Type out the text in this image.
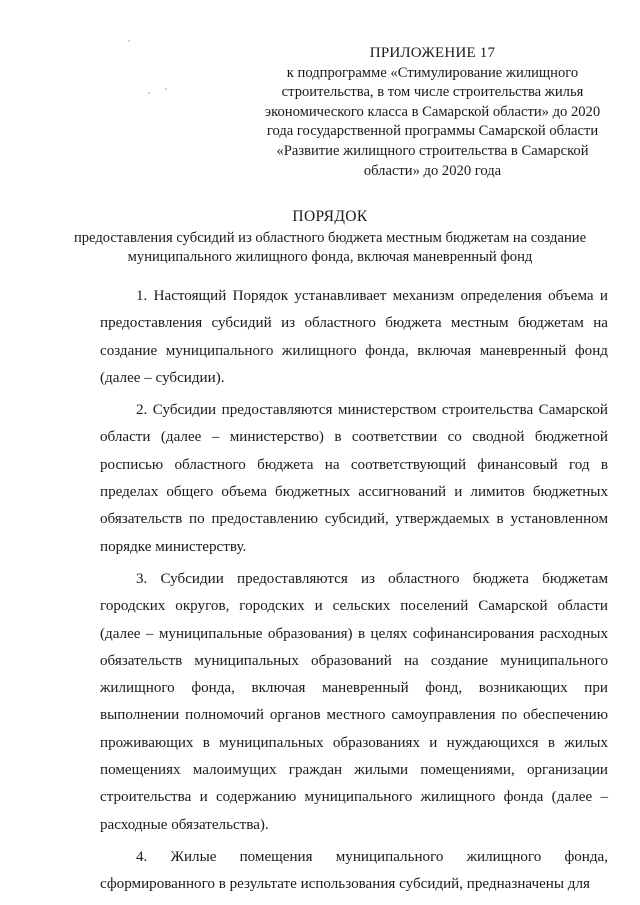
ПРИЛОЖЕНИЕ 17
к подпрограмме «Стимулирование жилищного строительства, в том числе строительства жилья экономического класса в Самарской области» до 2020 года государственной программы Самарской области «Развитие жилищного строительства в Самарской области» до 2020 года
ПОРЯДОК
предоставления субсидий из областного бюджета местным бюджетам на создание муниципального жилищного фонда, включая маневренный фонд

1. Настоящий Порядок устанавливает механизм определения объема и предоставления субсидий из областного бюджета местным бюджетам на создание муниципального жилищного фонда, включая маневренный фонд (далее – субсидии).

2. Субсидии предоставляются министерством строительства Самарской области (далее – министерство) в соответствии со сводной бюджетной росписью областного бюджета на соответствующий финансовый год в пределах общего объема бюджетных ассигнований и лимитов бюджетных обязательств по предоставлению субсидий, утверждаемых в установленном порядке министерству.

3. Субсидии предоставляются из областного бюджета бюджетам городских округов, городских и сельских поселений Самарской области (далее – муниципальные образования) в целях софинансирования расходных обязательств муниципальных образований на создание муниципального жилищного фонда, включая маневренный фонд, возникающих при выполнении полномочий органов местного самоуправления по обеспечению проживающих в муниципальных образованиях и нуждающихся в жилых помещениях малоимущих граждан жилыми помещениями, организации строительства и содержанию муниципального жилищного фонда (далее – расходные обязательства).

4. Жилые помещения муниципального жилищного фонда, сформированного в результате использования субсидий, предназначены для
